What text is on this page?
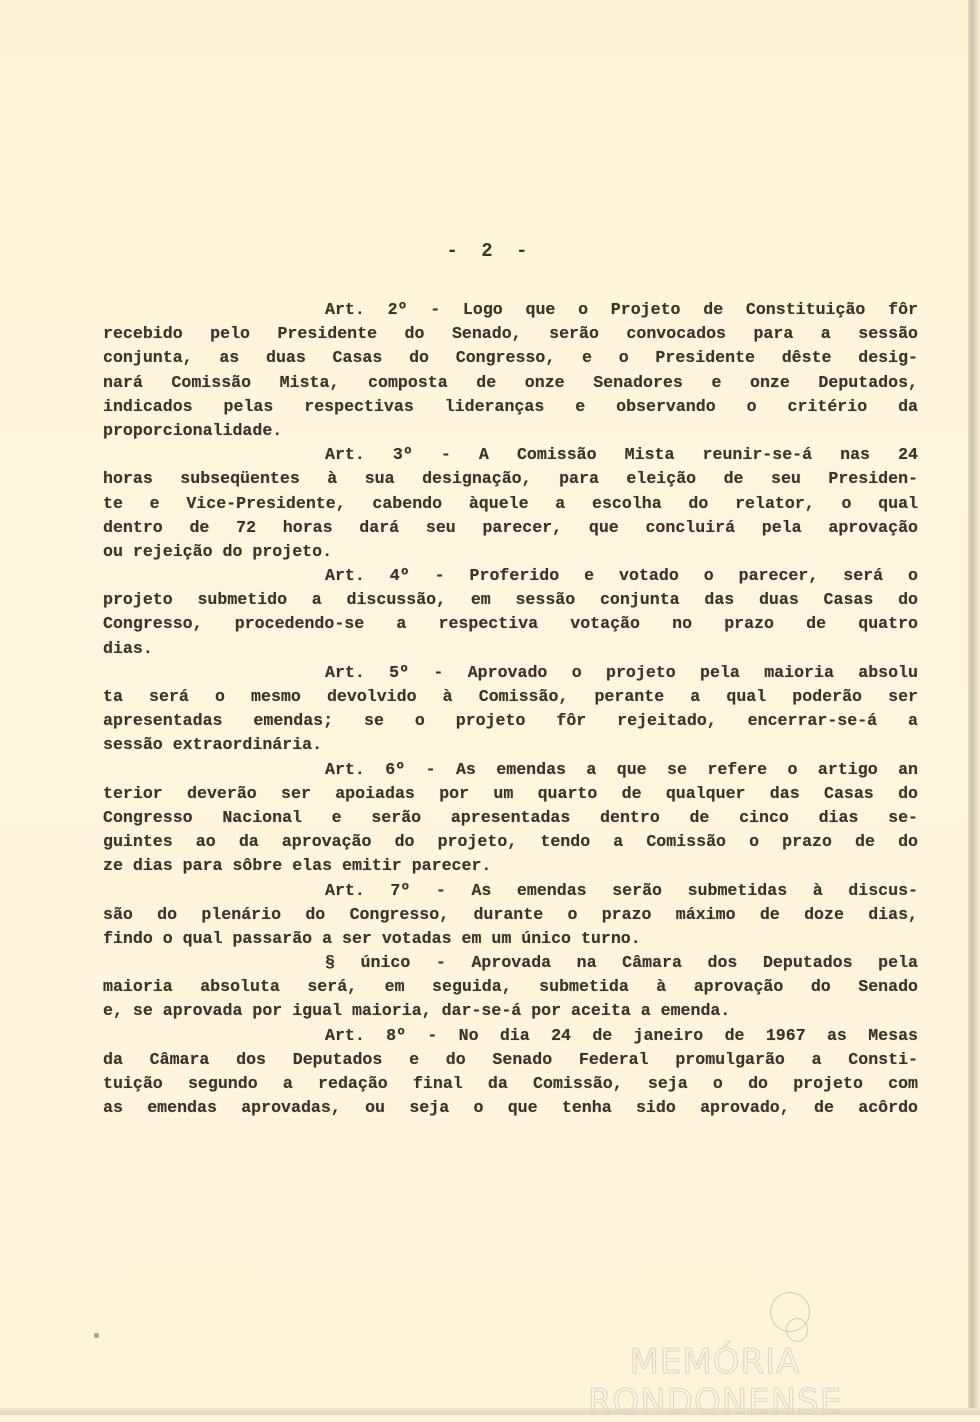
- 2 -
Art. 2º - Logo que o Projeto de Constituição fôr
recebido pelo Presidente do Senado, serão convocados para a sessão
conjunta, as duas Casas do Congresso, e o Presidente dêste desig-
nará Comissão Mista, composta de onze Senadores e onze Deputados,
indicados pelas respectivas lideranças e observando o critério da
proporcionalidade.
Art. 3º - A Comissão Mista reunir-se-á nas 24
horas subseqüentes à sua designação, para eleição de seu Presiden-
te e Vice-Presidente, cabendo àquele a escolha do relator, o qual
dentro de 72 horas dará seu parecer, que concluirá pela aprovação
ou rejeição do projeto.
Art. 4º - Proferido e votado o parecer, será o
projeto submetido a discussão, em sessão conjunta das duas Casas do
Congresso, procedendo-se a respectiva votação no prazo de quatro
dias.
Art. 5º - Aprovado o projeto pela maioria absolu
ta será o mesmo devolvido à Comissão, perante a qual poderão ser
apresentadas emendas; se o projeto fôr rejeitado, encerrar-se-á a
sessão extraordinária.
Art. 6º - As emendas a que se refere o artigo an
terior deverão ser apoiadas por um quarto de qualquer das Casas do
Congresso Nacional e serão apresentadas dentro de cinco dias se-
guintes ao da aprovação do projeto, tendo a Comissão o prazo de do
ze dias para sôbre elas emitir parecer.
Art. 7º - As emendas serão submetidas à discus-
são do plenário do Congresso, durante o prazo máximo de doze dias,
findo o qual passarão a ser votadas em um único turno.
§ único - Aprovada na Câmara dos Deputados pela
maioria absoluta será, em seguida, submetida à aprovação do Senado
e, se aprovada por igual maioria, dar-se-á por aceita a emenda.
Art. 8º - No dia 24 de janeiro de 1967 as Mesas
da Câmara dos Deputados e do Senado Federal promulgarão a Consti-
tuição segundo a redação final da Comissão, seja o do projeto com
as emendas aprovadas, ou seja o que tenha sido aprovado, de acôrdo
MEMÓRIA RONDONENSE
